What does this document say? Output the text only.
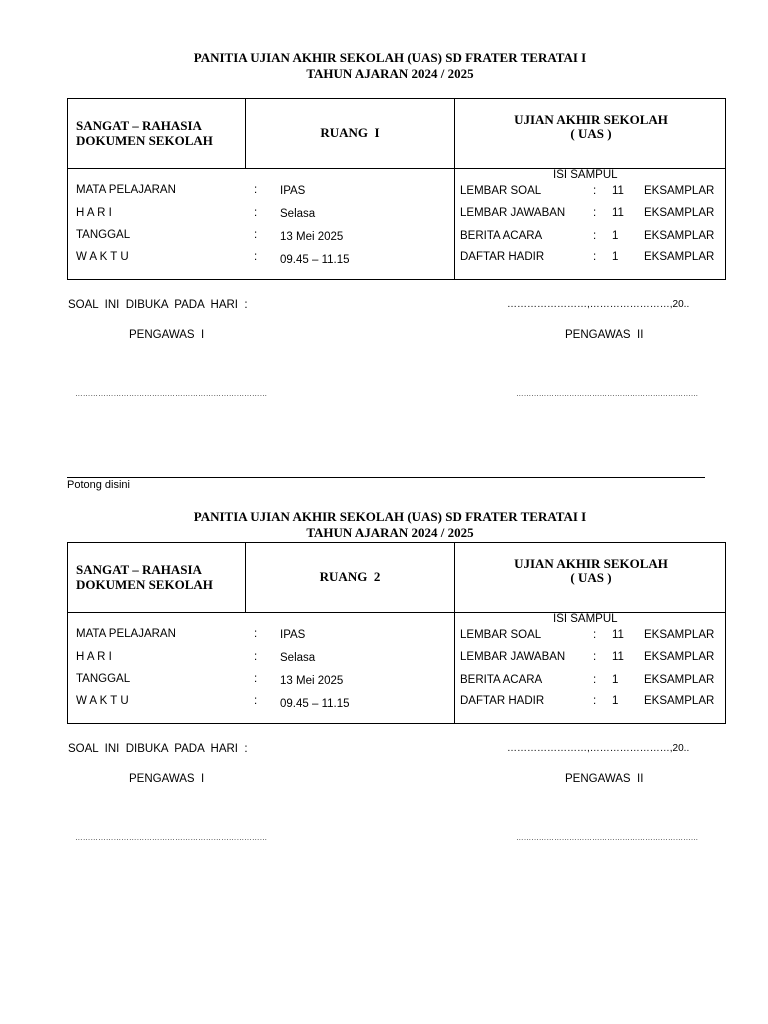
PANITIA UJIAN AKHIR SEKOLAH (UAS) SD FRATER TERATAI I
TAHUN AJARAN 2024 / 2025
SANGAT – RAHASIA
DOKUMEN SEKOLAH
RUANG  I
UJIAN AKHIR SEKOLAH
( UAS )
MATA PELAJARAN	: IPAS
H A R I	: Selasa
TANGGAL	: 13 Mei 2025
W A K T U	: 09.45 – 11.15
ISI SAMPUL
LEMBAR SOAL	: 11 EKSAMPLAR
LEMBAR JAWABAN : 11 EKSAMPLAR
BERITA ACARA	: 1 EKSAMPLAR
DAFTAR HADIR	: 1 EKSAMPLAR
SOAL  INI  DIBUKA  PADA  HARI  :	……………………,……………………,20..
PENGAWAS  I	PENGAWAS  II
…………………………………………………………………	………………………………………………………………
Potong disini
PANITIA UJIAN AKHIR SEKOLAH (UAS) SD FRATER TERATAI I
TAHUN AJARAN 2024 / 2025
SANGAT – RAHASIA
DOKUMEN SEKOLAH
RUANG  2
UJIAN AKHIR SEKOLAH
( UAS )
MATA PELAJARAN	: IPAS
H A R I	: Selasa
TANGGAL	: 13 Mei 2025
W A K T U	: 09.45 – 11.15
ISI SAMPUL
LEMBAR SOAL	: 11 EKSAMPLAR
LEMBAR JAWABAN : 11 EKSAMPLAR
BERITA ACARA	: 1 EKSAMPLAR
DAFTAR HADIR	: 1 EKSAMPLAR
SOAL  INI  DIBUKA  PADA  HARI  :	……………………,……………………,20..
PENGAWAS  I	PENGAWAS  II
…………………………………………………………………	………………………………………………………………
